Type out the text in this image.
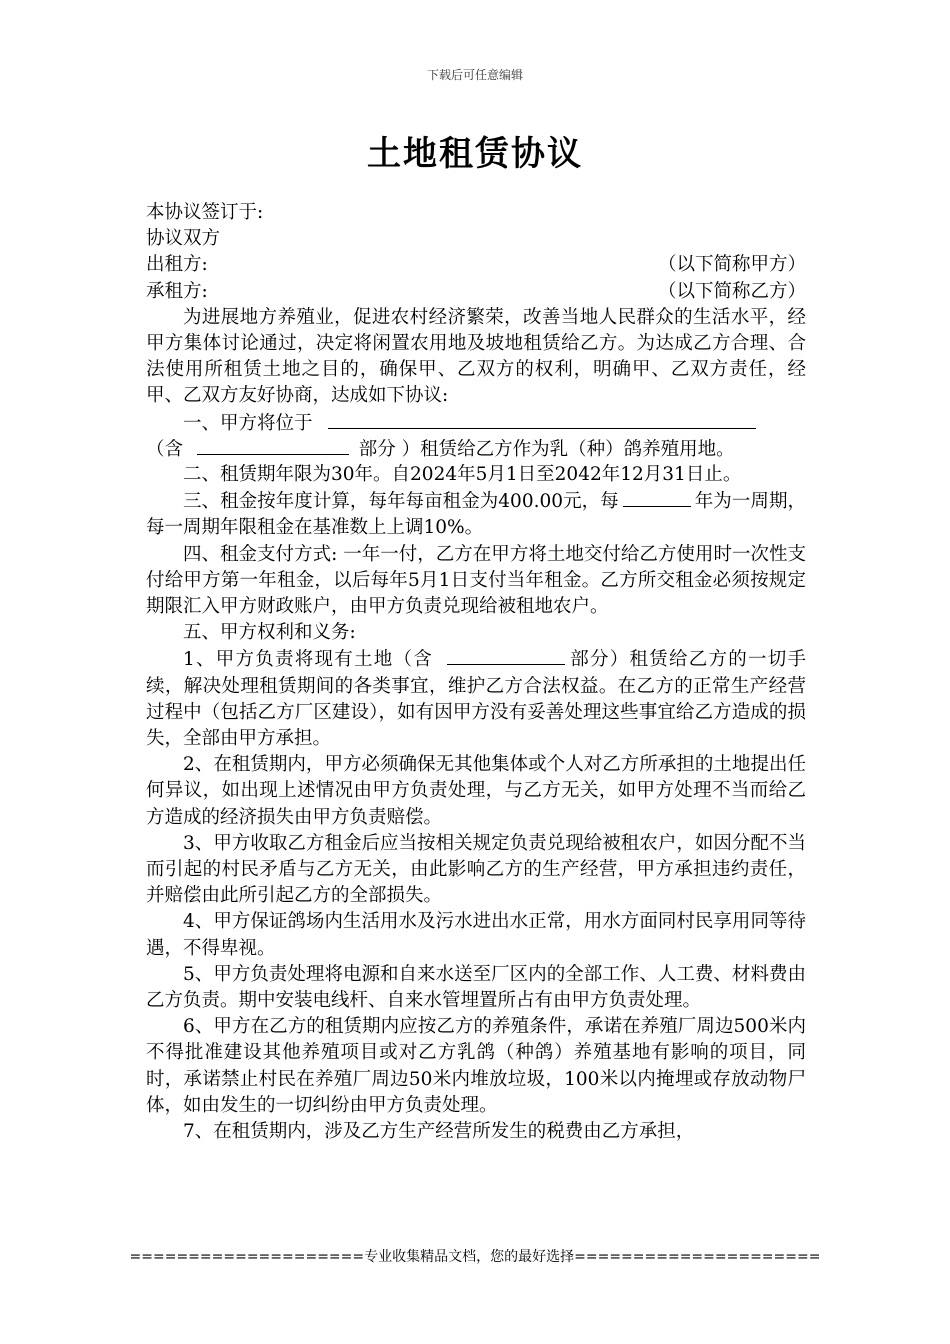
下载后可任意编辑
土地租赁协议
本协议签订于:
协议双方
出租方:	（以下简称甲方）
承租方:	（以下简称乙方）
为进展地方养殖业，促进农村经济繁荣，改善当地人民群众的生活水平，经甲方集体讨论通过，决定将闲置农用地及坡地租赁给乙方。为达成乙方合理、合法使用所租赁土地之目的，确保甲、乙双方的权利，明确甲、乙双方责任，经甲、乙双方友好协商，达成如下协议:
一、甲方将位于
（含	部分 ）租赁给乙方作为乳（种）鸽养殖用地。
二、租赁期年限为30年。自2024年5月1日至2042年12月31日止。
三、租金按年度计算，每年每亩租金为400.00元，每	年为一周期，每一周期年限租金在基准数上上调10%。
四、租金支付方式: 一年一付，乙方在甲方将土地交付给乙方使用时一次性支付给甲方第一年租金，以后每年5月1日支付当年租金。乙方所交租金必须按规定期限汇入甲方财政账户，由甲方负责兑现给被租地农户。
五、甲方权利和义务:
1、甲方负责将现有土地（含	部分）租赁给乙方的一切手续，解决处理租赁期间的各类事宜，维护乙方合法权益。在乙方的正常生产经营过程中（包括乙方厂区建设），如有因甲方没有妥善处理这些事宜给乙方造成的损失，全部由甲方承担。
2、在租赁期内，甲方必须确保无其他集体或个人对乙方所承担的土地提出任何异议，如出现上述情况由甲方负责处理，与乙方无关，如甲方处理不当而给乙方造成的经济损失由甲方负责赔偿。
3、甲方收取乙方租金后应当按相关规定负责兑现给被租农户，如因分配不当而引起的村民矛盾与乙方无关，由此影响乙方的生产经营，甲方承担违约责任，并赔偿由此所引起乙方的全部损失。
4、甲方保证鸽场内生活用水及污水进出水正常，用水方面同村民享用同等待遇，不得卑视。
5、甲方负责处理将电源和自来水送至厂区内的全部工作、人工费、材料费由乙方负责。期中安装电线杆、自来水管埋置所占有由甲方负责处理。
6、甲方在乙方的租赁期内应按乙方的养殖条件，承诺在养殖厂周边500米内不得批准建设其他养殖项目或对乙方乳鸽（种鸽）养殖基地有影响的项目，同时，承诺禁止村民在养殖厂周边50米内堆放垃圾，100米以内掩埋或存放动物尸体，如由发生的一切纠纷由甲方负责处理。
7、在租赁期内，涉及乙方生产经营所发生的税费由乙方承担，
====================专业收集精品文档，您的最好选择=====================
